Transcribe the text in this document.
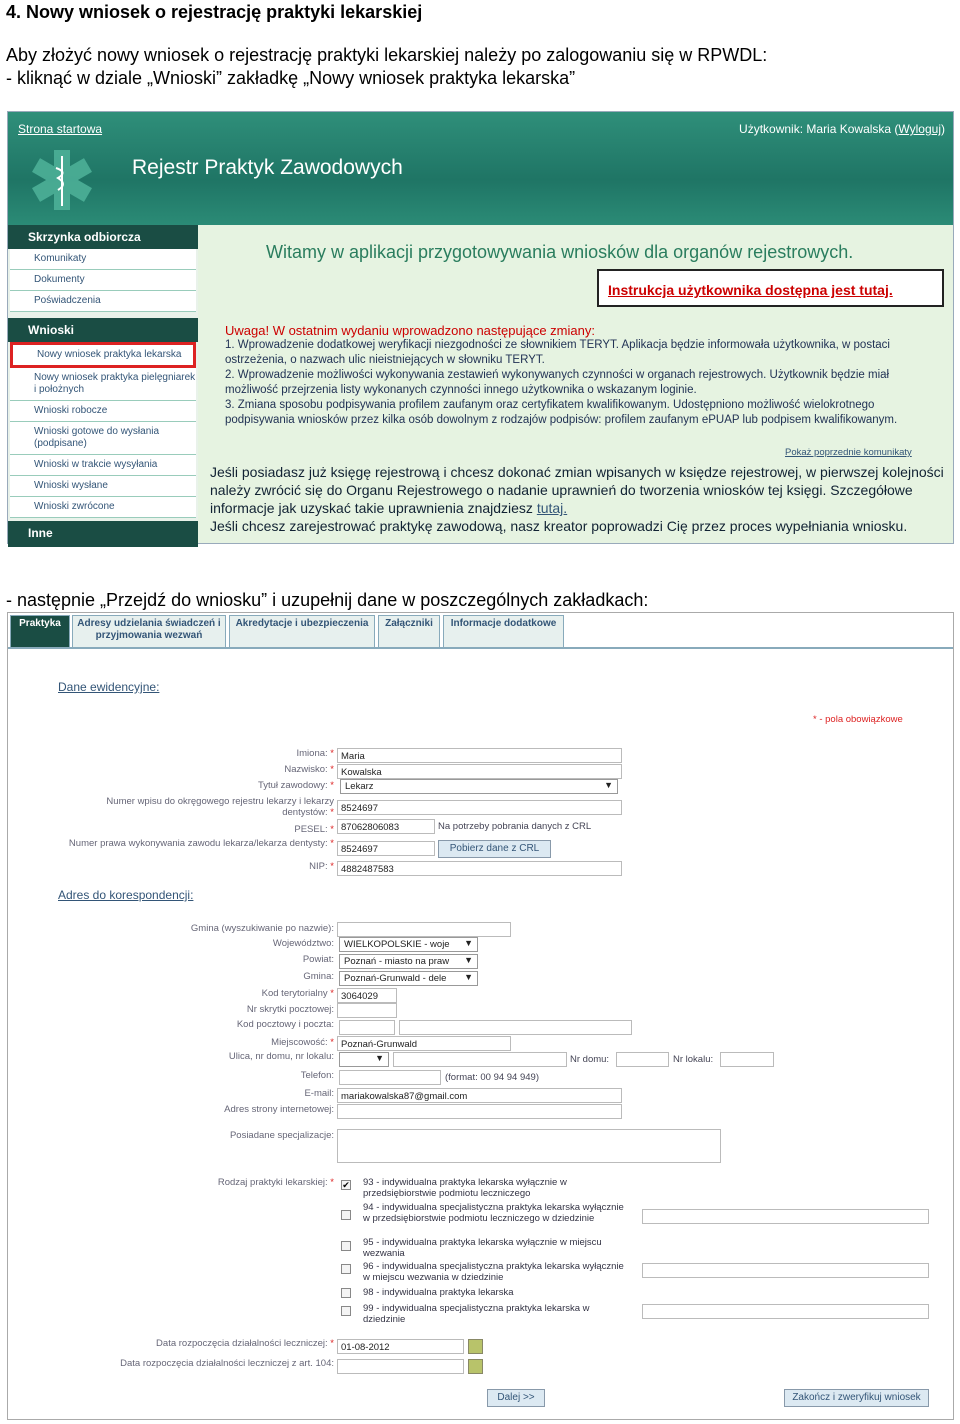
4. Nowy wniosek o rejestrację praktyki lekarskiej
Aby złożyć nowy wniosek o rejestrację praktyki lekarskiej należy po zalogowaniu się w RPWDL:
- kliknąć w dziale „Wnioski” zakładkę „Nowy wniosek praktyka lekarska”
- następnie „Przejdź do wniosku” i uzupełnij dane w poszczególnych zakładkach:
Strona startowa	Użytkownik: Maria Kowalska (Wyloguj)
Rejestr Praktyk Zawodowych
Skrzynka odbiorcza
Komunikaty
Dokumenty
Poświadczenia
Wnioski
Nowy wniosek praktyka lekarska
Nowy wniosek praktyka pielęgniarek i położnych
Wnioski robocze
Wnioski gotowe do wysłania (podpisane)
Wnioski w trakcie wysyłania
Wnioski wysłane
Wnioski zwrócone
Inne
Witamy w aplikacji przygotowywania wniosków dla organów rejestrowych.
Instrukcja użytkownika dostępna jest tutaj.
Uwaga! W ostatnim wydaniu wprowadzono następujące zmiany:
1. Wprowadzenie dodatkowej weryfikacji niezgodności ze słownikiem TERYT. Aplikacja będzie informowała użytkownika, w postaci ostrzeżenia, o nazwach ulic nieistniejących w słowniku TERYT.
2. Wprowadzenie możliwości wykonywania zestawień wykonywanych czynności w organach rejestrowych. Użytkownik będzie miał możliwość przejrzenia listy wykonanych czynności innego użytkownika o wskazanym loginie.
3. Zmiana sposobu podpisywania profilem zaufanym oraz certyfikatem kwalifikowanym. Udostępniono możliwość wielokrotnego podpisywania wniosków przez kilka osób dowolnym z rodzajów podpisów: profilem zaufanym ePUAP lub podpisem kwalifikowanym.
Pokaż poprzednie komunikaty
Jeśli posiadasz już księgę rejestrową i chcesz dokonać zmian wpisanych w księdze rejestrowej, w pierwszej kolejności należy zwrócić się do Organu Rejestrowego o nadanie uprawnień do tworzenia wniosków tej księgi. Szczegółowe informacje jak uzyskać takie uprawnienia znajdziesz tutaj.
Jeśli chcesz zarejestrować praktykę zawodową, nasz kreator poprowadzi Cię przez proces wypełniania wniosku.
Praktyka	Adresy udzielania świadczeń i przyjmowania wezwań
Akredytacje i ubezpieczenia	Załączniki	Informacje dodatkowe
Dane ewidencyjne:
* - pola obowiązkowe
Imiona: * Maria
Nazwisko: * Kowalska
Tytuł zawodowy: *	Lekarz	▼
Numer wpisu do okręgowego rejestru lekarzy i lekarzy dentystów: * 8524697
PESEL: * 87062806083	Na potrzeby pobrania danych z CRL
Numer prawa wykonywania zawodu lekarza/lekarza dentysty: *
8524697	Pobierz dane z CRL
NIP: * 4882487583
Adres do korespondencji:
Gmina (wyszukiwanie po nazwie):
Województwo:	WIELKOPOLSKIE - woje ▼
Powiat:	Poznań - miasto na praw ▼
Gmina:	Poznań-Grunwald - dele ▼
Kod terytorialny * 3064029
Nr skrytki pocztowej:
Kod pocztowy i poczta:
Miejscowość: * Poznań-Grunwald
Ulica, nr domu, nr lokalu:	▼	Nr domu:	Nr lokalu:
Telefon:	(format: 00 94 94 949)
E-mail: mariakowalska87@gmail.com
Adres strony internetowej:
Posiadane specjalizacje:
Rodzaj praktyki lekarskiej: * ✔ 93 - indywidualna praktyka lekarska wyłącznie w przedsiębiorstwie podmiotu leczniczego
94 - indywidualna specjalistyczna praktyka lekarska wyłącznie w przedsiębiorstwie podmiotu leczniczego w dziedzinie
95 - indywidualna praktyka lekarska wyłącznie w miejscu wezwania
96 - indywidualna specjalistyczna praktyka lekarska wyłącznie w miejscu wezwania w dziedzinie
98 - indywidualna praktyka lekarska
99 - indywidualna specjalistyczna praktyka lekarska w dziedzinie
Data rozpoczęcia działalności leczniczej: * 01-08-2012
Data rozpoczęcia działalności leczniczej z art. 104:
Dalej >>	Zakończ i zweryfikuj wniosek
